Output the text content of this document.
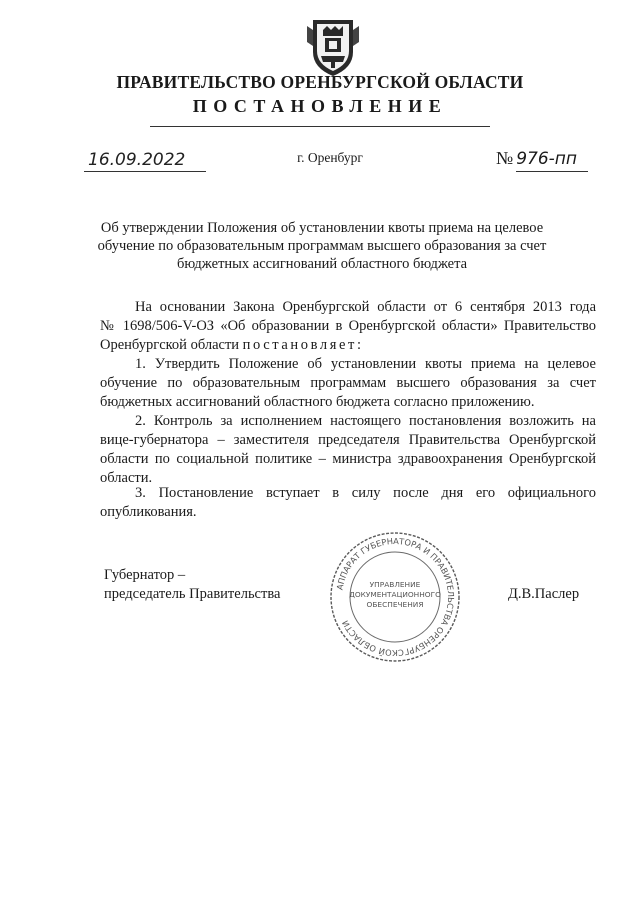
ПРАВИТЕЛЬСТВО ОРЕНБУРГСКОЙ ОБЛАСТИ
ПОСТАНОВЛЕНИЕ
16.09.2022	г. Оренбург	№ 976-пп
Об утверждении Положения об установлении квоты приема на целевое
обучение по образовательным программам высшего образования за счет
бюджетных ассигнований областного бюджета
На основании Закона Оренбургской области от 6 сентября 2013 года
№ 1698/506-V-ОЗ «Об образовании в Оренбургской области» Правительство
Оренбургской области постановляет:
1. Утвердить Положение об установлении квоты приема на целевое
обучение по образовательным программам высшего образования за счет
бюджетных ассигнований областного бюджета согласно приложению.
2. Контроль за исполнением настоящего постановления возложить на
вице-губернатора – заместителя председателя Правительства Оренбургской
области по социальной политике – министра здравоохранения Оренбургской
области.
3. Постановление вступает в силу после дня его официального
опубликования.
Губернатор –
председатель Правительства	Д.В.Паслер
АППАРАТ ГУБЕРНАТОРА И ПРАВИТЕЛЬСТВА ОРЕНБУРГСКОЙ ОБЛАСТИ
УПРАВЛЕНИЕ
ДОКУМЕНТАЦИОННОГО
ОБЕСПЕЧЕНИЯ
